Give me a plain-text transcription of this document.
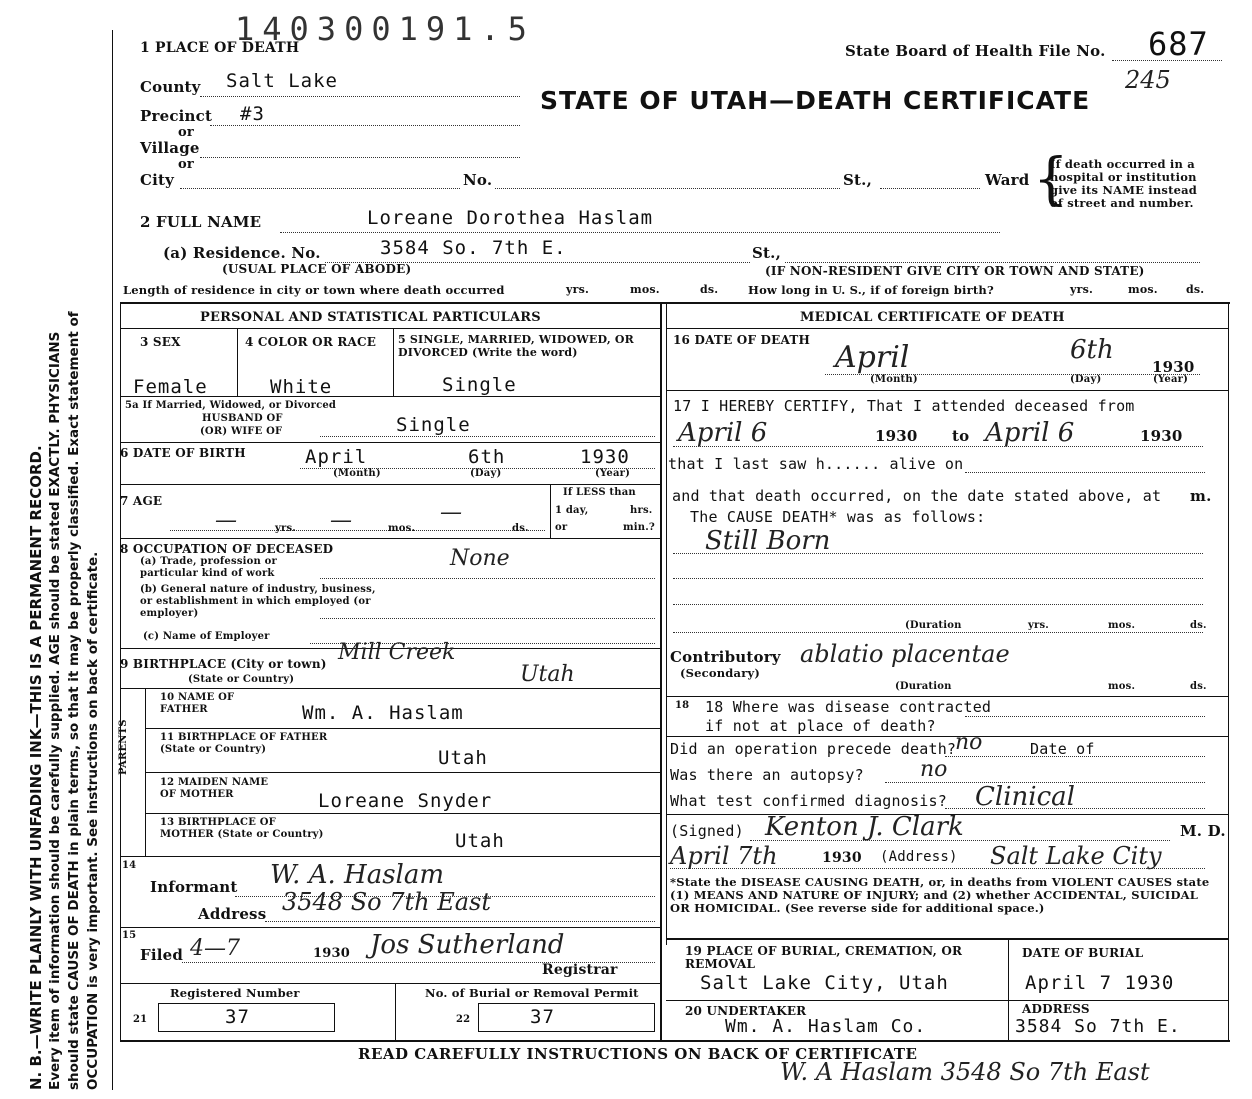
N. B.—WRITE PLAINLY WITH UNFADING INK—THIS IS A PERMANENT RECORD. Every item of information should be carefully supplied. AGE should be stated EXACTLY. PHYSICIANS should state CAUSE OF DEATH in plain terms, so that it may be properly classified. Exact statement of OCCUPATION is very important. See instructions on back of certificate.
140300191.5
1 PLACE OF DEATH	State Board of Health File No. 687
245
STATE OF UTAH—DEATH CERTIFICATE
County Salt Lake
Precinct #3
or
Village
or
City	No.	St.,	Ward {
If death occurred in a hospital or institution give its NAME instead of street and number.
2 FULL NAME	Loreane Dorothea Haslam
(a) Residence. No.	3584 So. 7th E.	St.,
(USUAL PLACE OF ABODE)	(IF NON-RESIDENT GIVE CITY OR TOWN AND STATE)
Length of residence in city or town where death occurred	yrs.	mos.	ds.	How long in U. S., if of foreign birth?	yrs.	mos.	ds.
PERSONAL AND STATISTICAL PARTICULARS
3 SEX	4 COLOR OR RACE 5 SINGLE, MARRIED, WIDOWED, OR DIVORCED (Write the word)
Female	White	Single
5a If Married, Widowed, or Divorced
HUSBAND OF
(OR) WIFE OF	Single
6 DATE OF BIRTH	April	6th	1930
(Month)	(Day)	(Year)
7 AGE
—	—	—
yrs.	mos.	ds.
If LESS than
1 day,	hrs.
or	min.?
8 OCCUPATION OF DECEASED
(a) Trade, profession or particular kind of work
(b) General nature of industry, business, or establishment in which employed (or employer)
(c) Name of Employer
None
9 BIRTHPLACE (City or town)
(State or Country)
Mill Creek
Utah
PARENTS
10 NAME OF FATHER	Wm. A. Haslam
11 BIRTHPLACE OF FATHER (State or Country)	Utah
12 MAIDEN NAME OF MOTHER	Loreane Snyder
13 BIRTHPLACE OF MOTHER (State or Country)	Utah
14
Informant W. A. Haslam
Address 3548 So 7th East
15
Filed 4—7	1930 Jos Sutherland
Registrar
Registered Number	No. of Burial or Removal Permit
21	37	22	37
MEDICAL CERTIFICATE OF DEATH
16 DATE OF DEATH April	6th
1930
(Month)	(Day)	(Year)
17 I HEREBY CERTIFY, That I attended deceased from
April 6	1930 to April 6	1930
that I last saw h...... alive on
and that death occurred, on the date stated above, at m.
The CAUSE DEATH* was as follows:
Still Born
(Duration	yrs.	mos.	ds.
Contributory
(Secondary)
ablatio placentae
(Duration	mos.	ds.
18 18 Where was disease contracted
if not at place of death?
Did an operation precede death?
no	Date of
Was there an autopsy?	no
What test confirmed diagnosis? Clinical
(Signed) Kenton J. Clark	M. D.
April 7th	1930 (Address) Salt Lake City
*State the DISEASE CAUSING DEATH, or, in deaths from VIOLENT CAUSES state (1) MEANS AND NATURE OF INJURY; and (2) whether ACCIDENTAL, SUICIDAL OR HOMICIDAL. (See reverse side for additional space.)
19 PLACE OF BURIAL, CREMATION, OR REMOVAL
Salt Lake City, Utah
DATE OF BURIAL
April 7 1930
20 UNDERTAKER
Wm. A. Haslam Co.
ADDRESS
3584 So 7th E.
READ CAREFULLY INSTRUCTIONS ON BACK OF CERTIFICATE
W. A Haslam 3548 So 7th East
